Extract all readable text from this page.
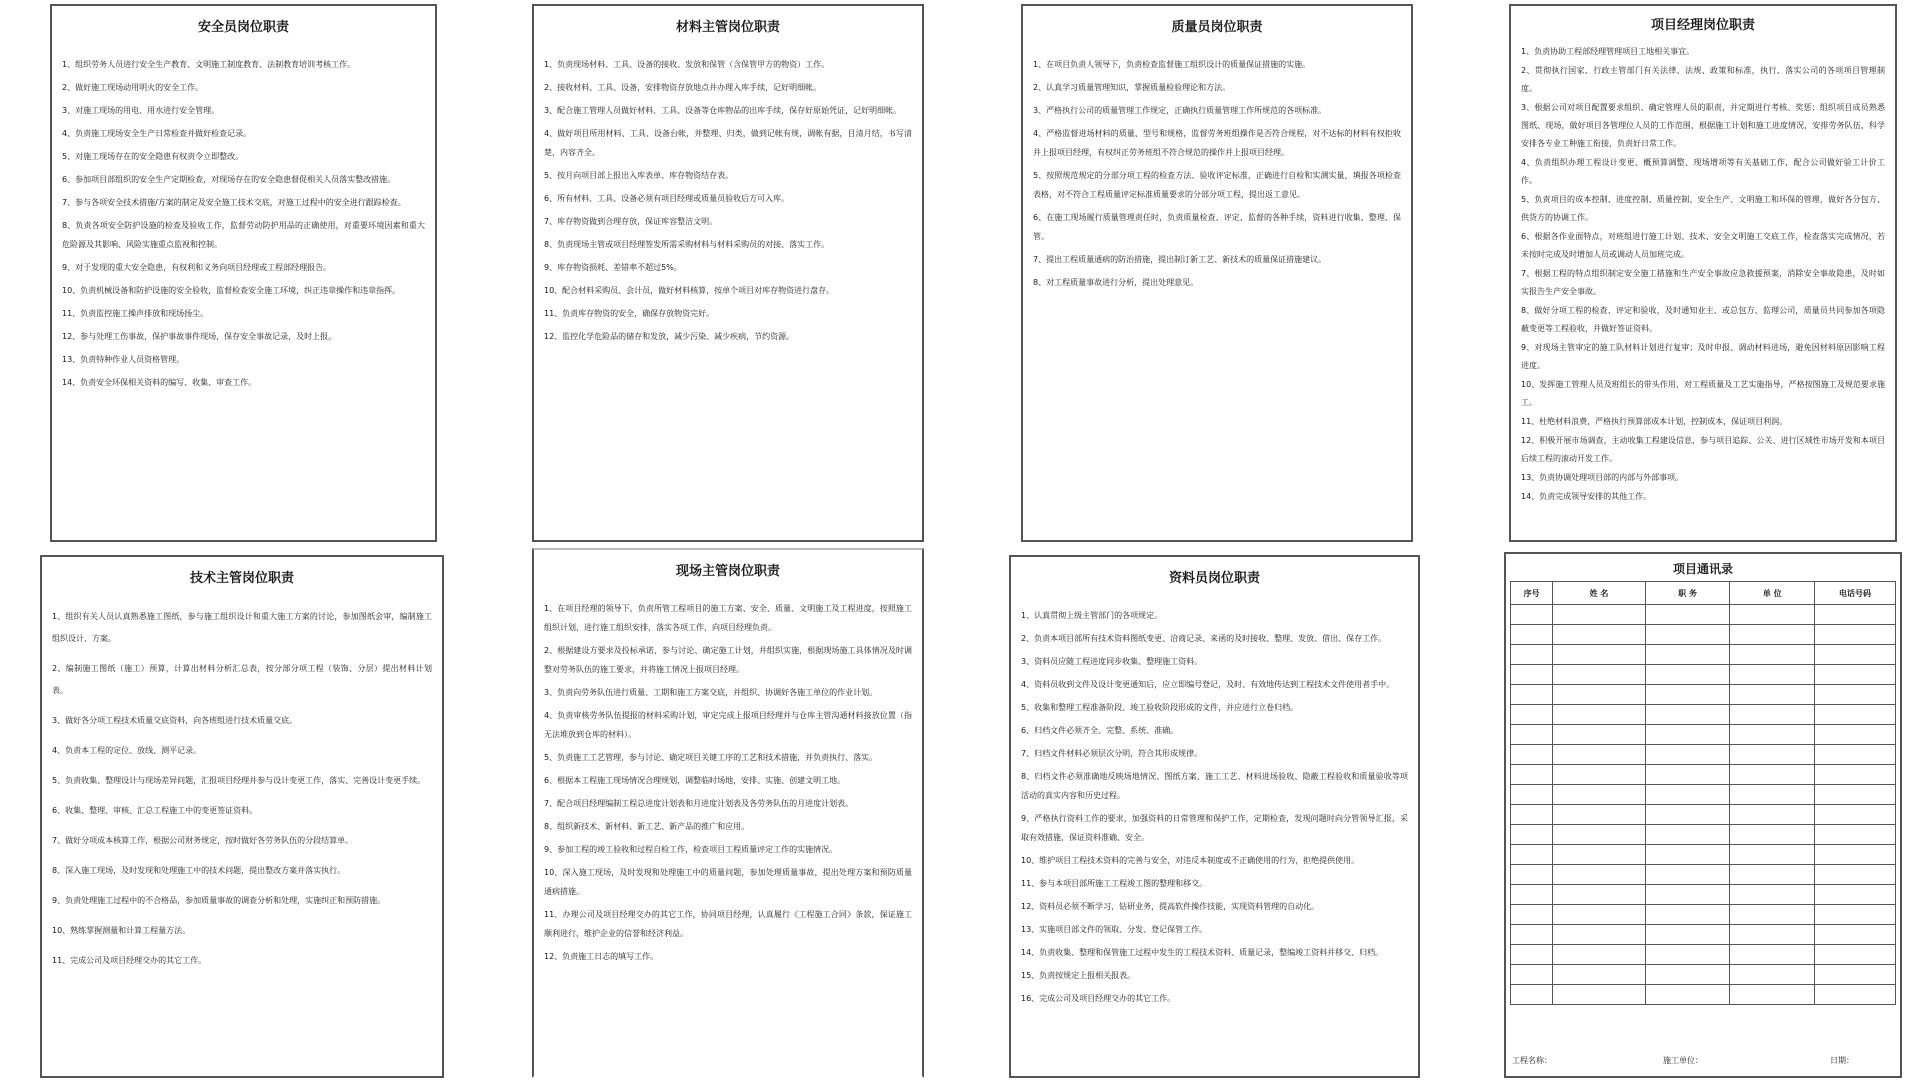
安全员岗位职责
1、组织劳务人员进行安全生产教育、文明施工制度教育、法制教育培训考核工作。
2、做好施工现场动用明火的安全工作。
3、对施工现场的用电、用水进行安全管理。
4、负责施工现场安全生产日常检查并做好检查记录。
5、对施工现场存在的安全隐患有权责令立即整改。
6、参加项目部组织的安全生产定期检查，对现场存在的安全隐患督促相关人员落实整改措施。
7、参与各项安全技术措施/方案的制定及安全施工技术交底，对施工过程中的安全进行跟踪检查。
8、负责各项安全防护设施的检查及验收工作，监督劳动防护用品的正确使用，对重要环境因素和重大危险源及其影响、风险实施重点监视和控制。
9、对于发现的重大安全隐患，有权利和义务向项目经理或工程部经理报告。
10、负责机械设备和防护设施的安全验收，监督检查安全施工环境，纠正违章操作和违章指挥。
11、负责监控施工操声排放和现场扬尘。
12、参与处理工伤事故，保护事故事件现场，保存安全事故记录，及时上报。
13、负责特种作业人员资格管理。
14、负责安全环保相关资料的编写、收集、审查工作。
材料主管岗位职责
1、负责现场材料、工具、设备的接收、发放和保管（含保管甲方的物资）工作。
2、接收材料、工具、设备，安排物资存放地点并办理入库手续，记好明细帐。
3、配合施工管理人员做好材料、工具、设备等仓库物品的出库手续，保存好原始凭证，记好明细帐。
4、做好项目所用材料、工具、设备台帐，并整理、归类，做到记帐有规，调帐有据，目清月结，书写清楚，内容齐全。
5、按月向项目部上报出入库表单、库存物资结存表。
6、所有材料、工具、设备必须有项目经理或质量员验收后方可入库。
7、库存物资做到合理存放，保证库容整洁文明。
8、负责现场主管或项目经理签发所需采购材料与材料采购员的对接、落实工作。
9、库存物资损耗、差错率不超过5%。
10、配合材料采购员、会计员，做好材料核算，按单个项目对库存物资进行盘存。
11、负责库存物资的安全，确保存放物资完好。
12、监控化学危险品的储存和发放，减少污染、减少疾病，节约资源。
质量员岗位职责
1、在项目负责人领导下，负责检查监督施工组织设计的质量保证措施的实施。
2、认真学习质量管理知识，掌握质量检验理论和方法。
3、严格执行公司的质量管理工作规定，正确执行质量管理工作所规范的各项标准。
4、严格监督进场材料的质量、型号和规格，监督劳务班组操作是否符合规程，对不达标的材料有权拒收并上报项目经理，有权纠正劳务班组不符合规范的操作并上报项目经理。
5、按照规范规定的分部分项工程的检查方法、验收评定标准，正确进行自检和实测实量，填报各项检查表格，对不符合工程质量评定标准质量要求的分部分项工程，提出返工意见。
6、在施工现场履行质量管理责任时，负责质量检查、评定、监督的各种手续，资料进行收集、整理、保管。
7、提出工程质量通病的防治措施，提出制订新工艺、新技术的质量保证措施建议。
8、对工程质量事故进行分析，提出处理意见。
项目经理岗位职责
1、负责协助工程部经理管理项目工地相关事宜。
2、贯彻执行国家、行政主管部门有关法律、法规、政策和标准，执行、落实公司的各项项目管理制度。
3、根据公司对项目配置要求组织、确定管理人员的职责，并定期进行考核、奖惩；组织项目成员熟悉图纸、现场，做好项目各管理位人员的工作范围，根据施工计划和施工进度情况，安排劳务队伍，科学安排各专业工种施工衔接，负责好日常工作。
4、负责组织办理工程设计变更、概预算调整、现场增项等有关基础工作，配合公司做好验工计价工作。
5、负责项目的成本控制、进度控制、质量控制、安全生产、文明施工和环保的管理，做好各分包方、供货方的协调工作。
6、根据各作业面特点，对班组进行施工计划、技术、安全文明施工交底工作，检查落实完成情况，若未按时完成及时增加人员或调动人员加班完成。
7、根据工程的特点组织制定安全施工措施和生产安全事故应急救援预案，消除安全事故隐患，及时如实报告生产安全事故。
8、做好分项工程的检查、评定和验收，及时通知业主、或总包方、监理公司，质量员共同参加各项隐蔽变更等工程验收，并做好签证资料。
9、对现场主管审定的施工队材料计划进行复审；及时申报、调动材料进场，避免因材料原因影响工程进度。
10、发挥施工管理人员及班组长的带头作用，对工程质量及工艺实施指导，严格按图施工及规范要求施工。
11、杜绝材料浪费，严格执行预算部成本计划，控制成本，保证项目利润。
12、积极开展市场调查，主动收集工程建设信息，参与项目追踪、公关、进行区域性市场开发和本项目后续工程的滚动开发工作。
13、负责协调处理项目部的内部与外部事项。
14、负责完成领导安排的其他工作。
技术主管岗位职责
1、组织有关人员认真熟悉施工图纸，参与施工组织设计和重大施工方案的讨论，参加图纸会审，编制施工组织设计、方案。
2、编制施工图纸（施工）预算，计算出材料分析汇总表，按分部分项工程（装饰、分层）提出材料计划表。
3、做好各分项工程技术质量交底资料，向各班组进行技术质量交底。
4、负责本工程的定位、放线、测平记录。
5、负责收集、整理设计与现场差异问题，汇报项目经理并参与设计变更工作，落实、完善设计变更手续。
6、收集、整理、审核、汇总工程施工中的变更签证资料。
7、做好分项成本核算工作，根据公司财务规定，按时做好各劳务队伍的分段结算单。
8、深入施工现场，及时发现和处理施工中的技术问题，提出整改方案并落实执行。
9、负责处理施工过程中的不合格品，参加质量事故的调查分析和处理，实施纠正和预防措施。
10、熟练掌握测量和计算工程量方法。
11、完成公司及项目经理交办的其它工作。
现场主管岗位职责
1、在项目经理的领导下，负责所管工程项目的施工方案、安全、质量、文明施工及工程进度，按照施工组织计划，进行施工组织安排，落实各项工作，向项目经理负责。
2、根据建设方要求及投标承诺，参与讨论、确定施工计划，并组织实施，根据现场施工具体情况及时调整对劳务队伍的施工要求，并将施工情况上报项目经理。
3、负责向劳务队伍进行质量、工期和施工方案交底，并组织、协调好各施工单位的作业计划。
4、负责审核劳务队伍提报的材料采购计划，审定完成上报项目经理并与仓库主管沟通材料接放位置（指无法堆放到仓库的材料）。
5、负责施工工艺管理，参与讨论、确定项目关键工序的工艺和技术措施，并负责执行、落实。
6、根据本工程施工现场情况合理规划，调整临时场地，安排、实施、创建文明工地。
7、配合项目经理编制工程总进度计划表和月进度计划表及各劳务队伍的月进度计划表。
8、组织新技术、新材料、新工艺、新产品的推广和应用。
9、参加工程的竣工验收和过程自检工作，检查项目工程质量评定工作的实施情况。
10、深入施工现场，及时发现和处理施工中的质量问题，参加处理质量事故，提出处理方案和预防质量通病措施。
11、办理公司及项目经理交办的其它工作，协同项目经理，认真履行《工程施工合同》条款，保证施工顺利进行，维护企业的信誉和经济利益。
12、负责施工日志的填写工作。
资料员岗位职责
1、认真贯彻上级主管部门的各项规定。
2、负责本项目部所有技术资料图纸变更、洽商记录、来函的及时接收、整理、发放、借出、保存工作。
3、资料员应随工程进度同步收集、整理施工资料。
4、资料员收到文件及设计变更通知后，应立即编号登记，及时、有效地传达到工程技术文件使用者手中。
5、收集和整理工程准备阶段、竣工验收阶段形成的文件，并应进行立卷归档。
6、归档文件必须齐全、完整、系统、准确。
7、归档文件材料必须层次分明，符合其形成规律。
8、归档文件必须准确地反映场地情况、图纸方案、施工工艺、材料进场验收、隐蔽工程验收和质量验收等项活动的真实内容和历史过程。
9、严格执行资料工作的要求，加强资料的日常管理和保护工作，定期检查，发现问题时向分管领导汇报，采取有效措施，保证资料准确、安全。
10、维护项目工程技术资料的完善与安全，对违反本制度或不正确使用的行为，拒绝提供使用。
11、参与本项目部所施工工程竣工图的整理和移交。
12、资料员必须不断学习，钻研业务，提高软件操作技能，实现资料管理的自动化。
13、实施项目部文件的领取、分发、登记保管工作。
14、负责收集、整理和保管施工过程中发生的工程技术资料、质量记录，整编竣工资料并移交、归档。
15、负责按规定上报相关报表。
16、完成公司及项目经理交办的其它工作。
项目通讯录
序号	姓 名	职 务	单 位	电话号码

工程名称：	施工单位：	日期：
